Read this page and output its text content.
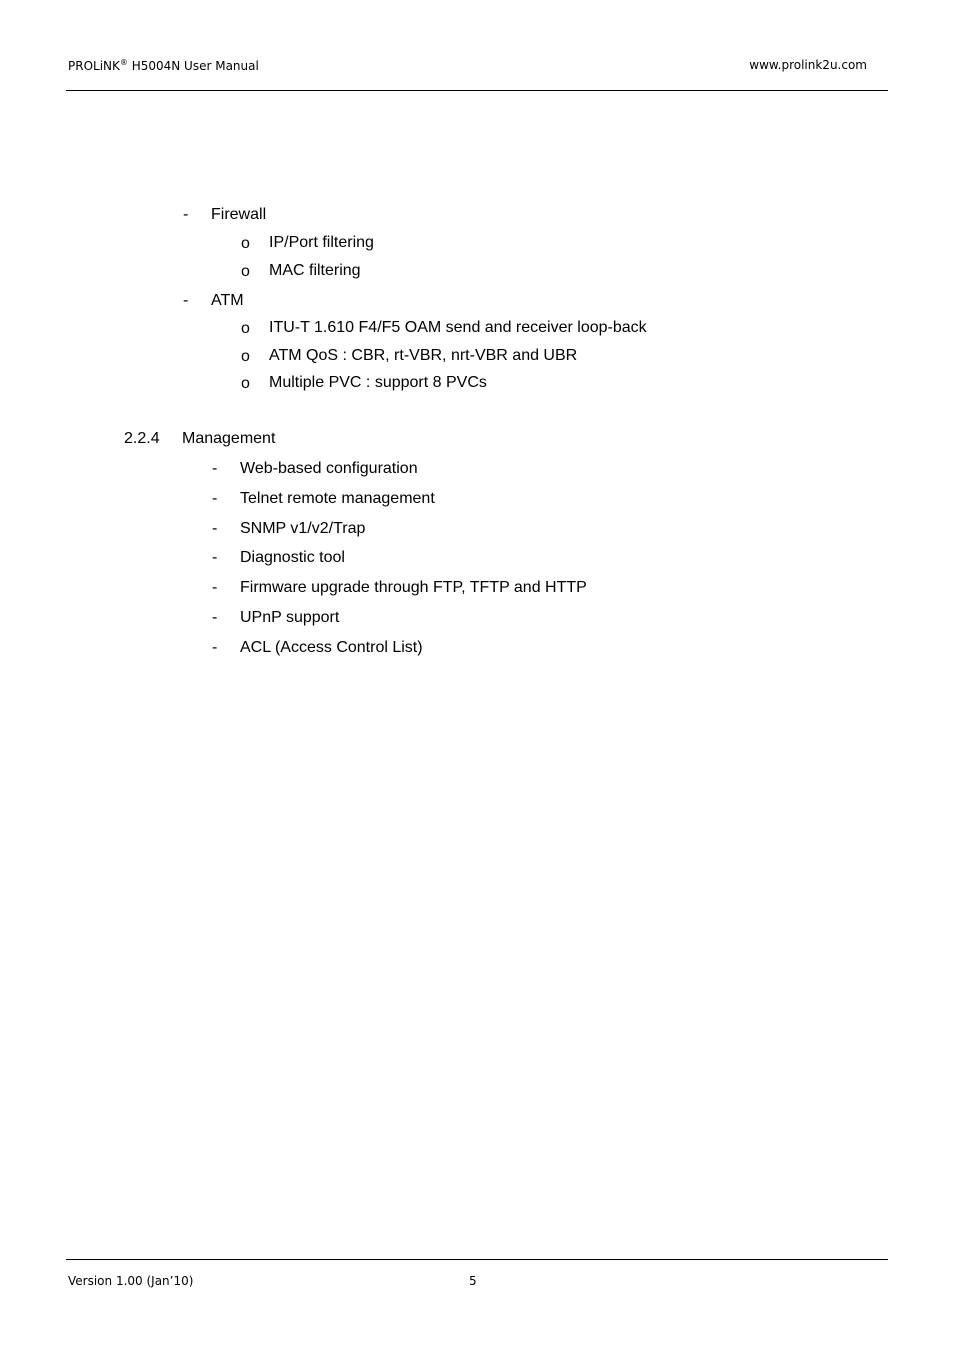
PROLiNK® H5004N User Manual	www.prolink2u.com
- Firewall
o IP/Port filtering
o MAC filtering
- ATM
o ITU-T 1.610 F4/F5 OAM send and receiver loop-back
o ATM QoS : CBR, rt-VBR, nrt-VBR and UBR
o Multiple PVC : support 8 PVCs
2.2.4 Management
- Web-based configuration
- Telnet remote management
- SNMP v1/v2/Trap
- Diagnostic tool
- Firmware upgrade through FTP, TFTP and HTTP
- UPnP support
- ACL (Access Control List)
Version 1.00 (Jan’10)	5
